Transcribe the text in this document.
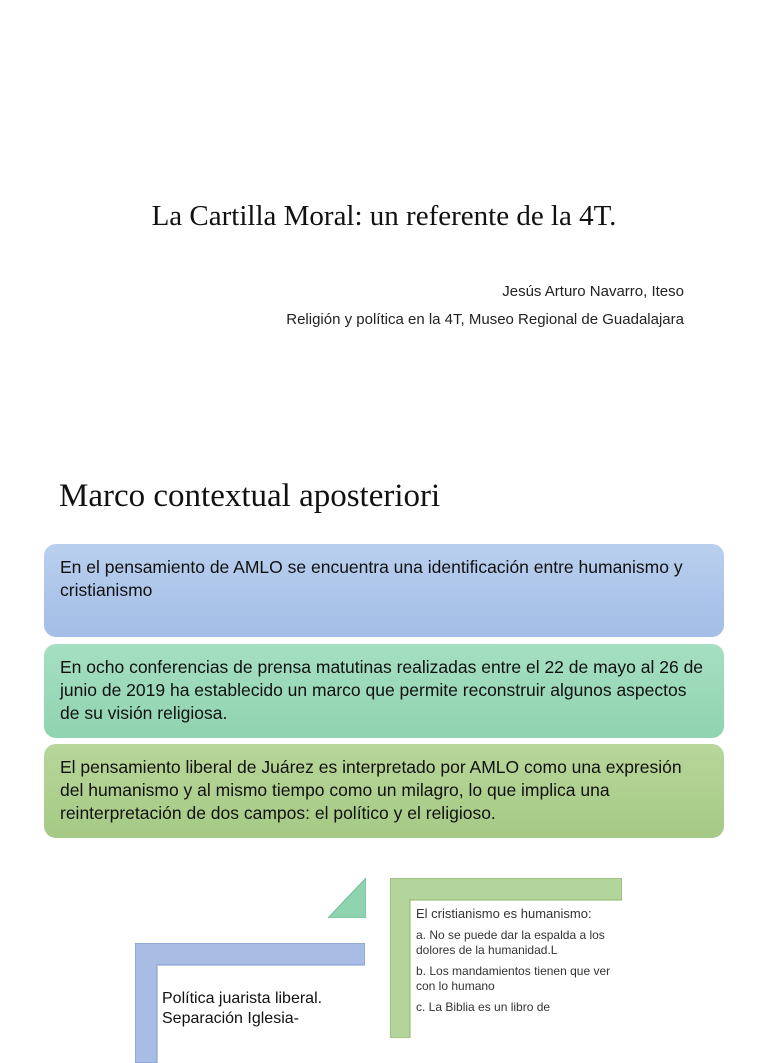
La Cartilla Moral: un referente de la 4T.
Jesús Arturo Navarro, Iteso
Religión y política en la 4T, Museo Regional de Guadalajara
Marco contextual aposteriori
En el pensamiento de AMLO se encuentra una identificación entre humanismo y cristianismo
En ocho conferencias de prensa matutinas realizadas entre el 22 de mayo al 26 de junio de 2019 ha establecido un marco que permite reconstruir algunos aspectos de su visión religiosa.
El pensamiento liberal de Juárez es interpretado por AMLO como una expresión del humanismo y al mismo tiempo como un milagro, lo que implica una reinterpretación de dos campos: el político y el religioso.
Política juarista liberal. Separación Iglesia-

El cristianismo es humanismo:

a. No se puede dar la espalda a los dolores de la humanidad.L

b. Los mandamientos tienen que ver con lo humano

c. La Biblia es un libro de
